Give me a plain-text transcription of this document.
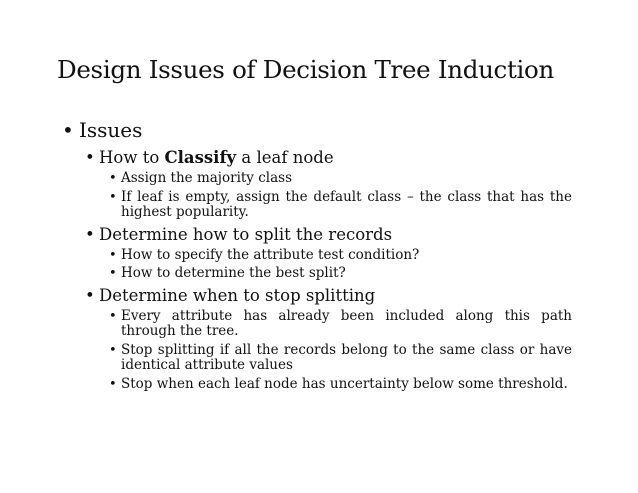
Design Issues of Decision Tree Induction
• Issues
• How to Classify a leaf node
• Assign the majority class
• If leaf is empty, assign the default class – the class that has the highest popularity.
• Determine how to split the records
• How to specify the attribute test condition?
• How to determine the best split?
• Determine when to stop splitting
• Every attribute has already been included along this path through the tree.
• Stop splitting if all the records belong to the same class or have identical attribute values
• Stop when each leaf node has uncertainty below some threshold.
